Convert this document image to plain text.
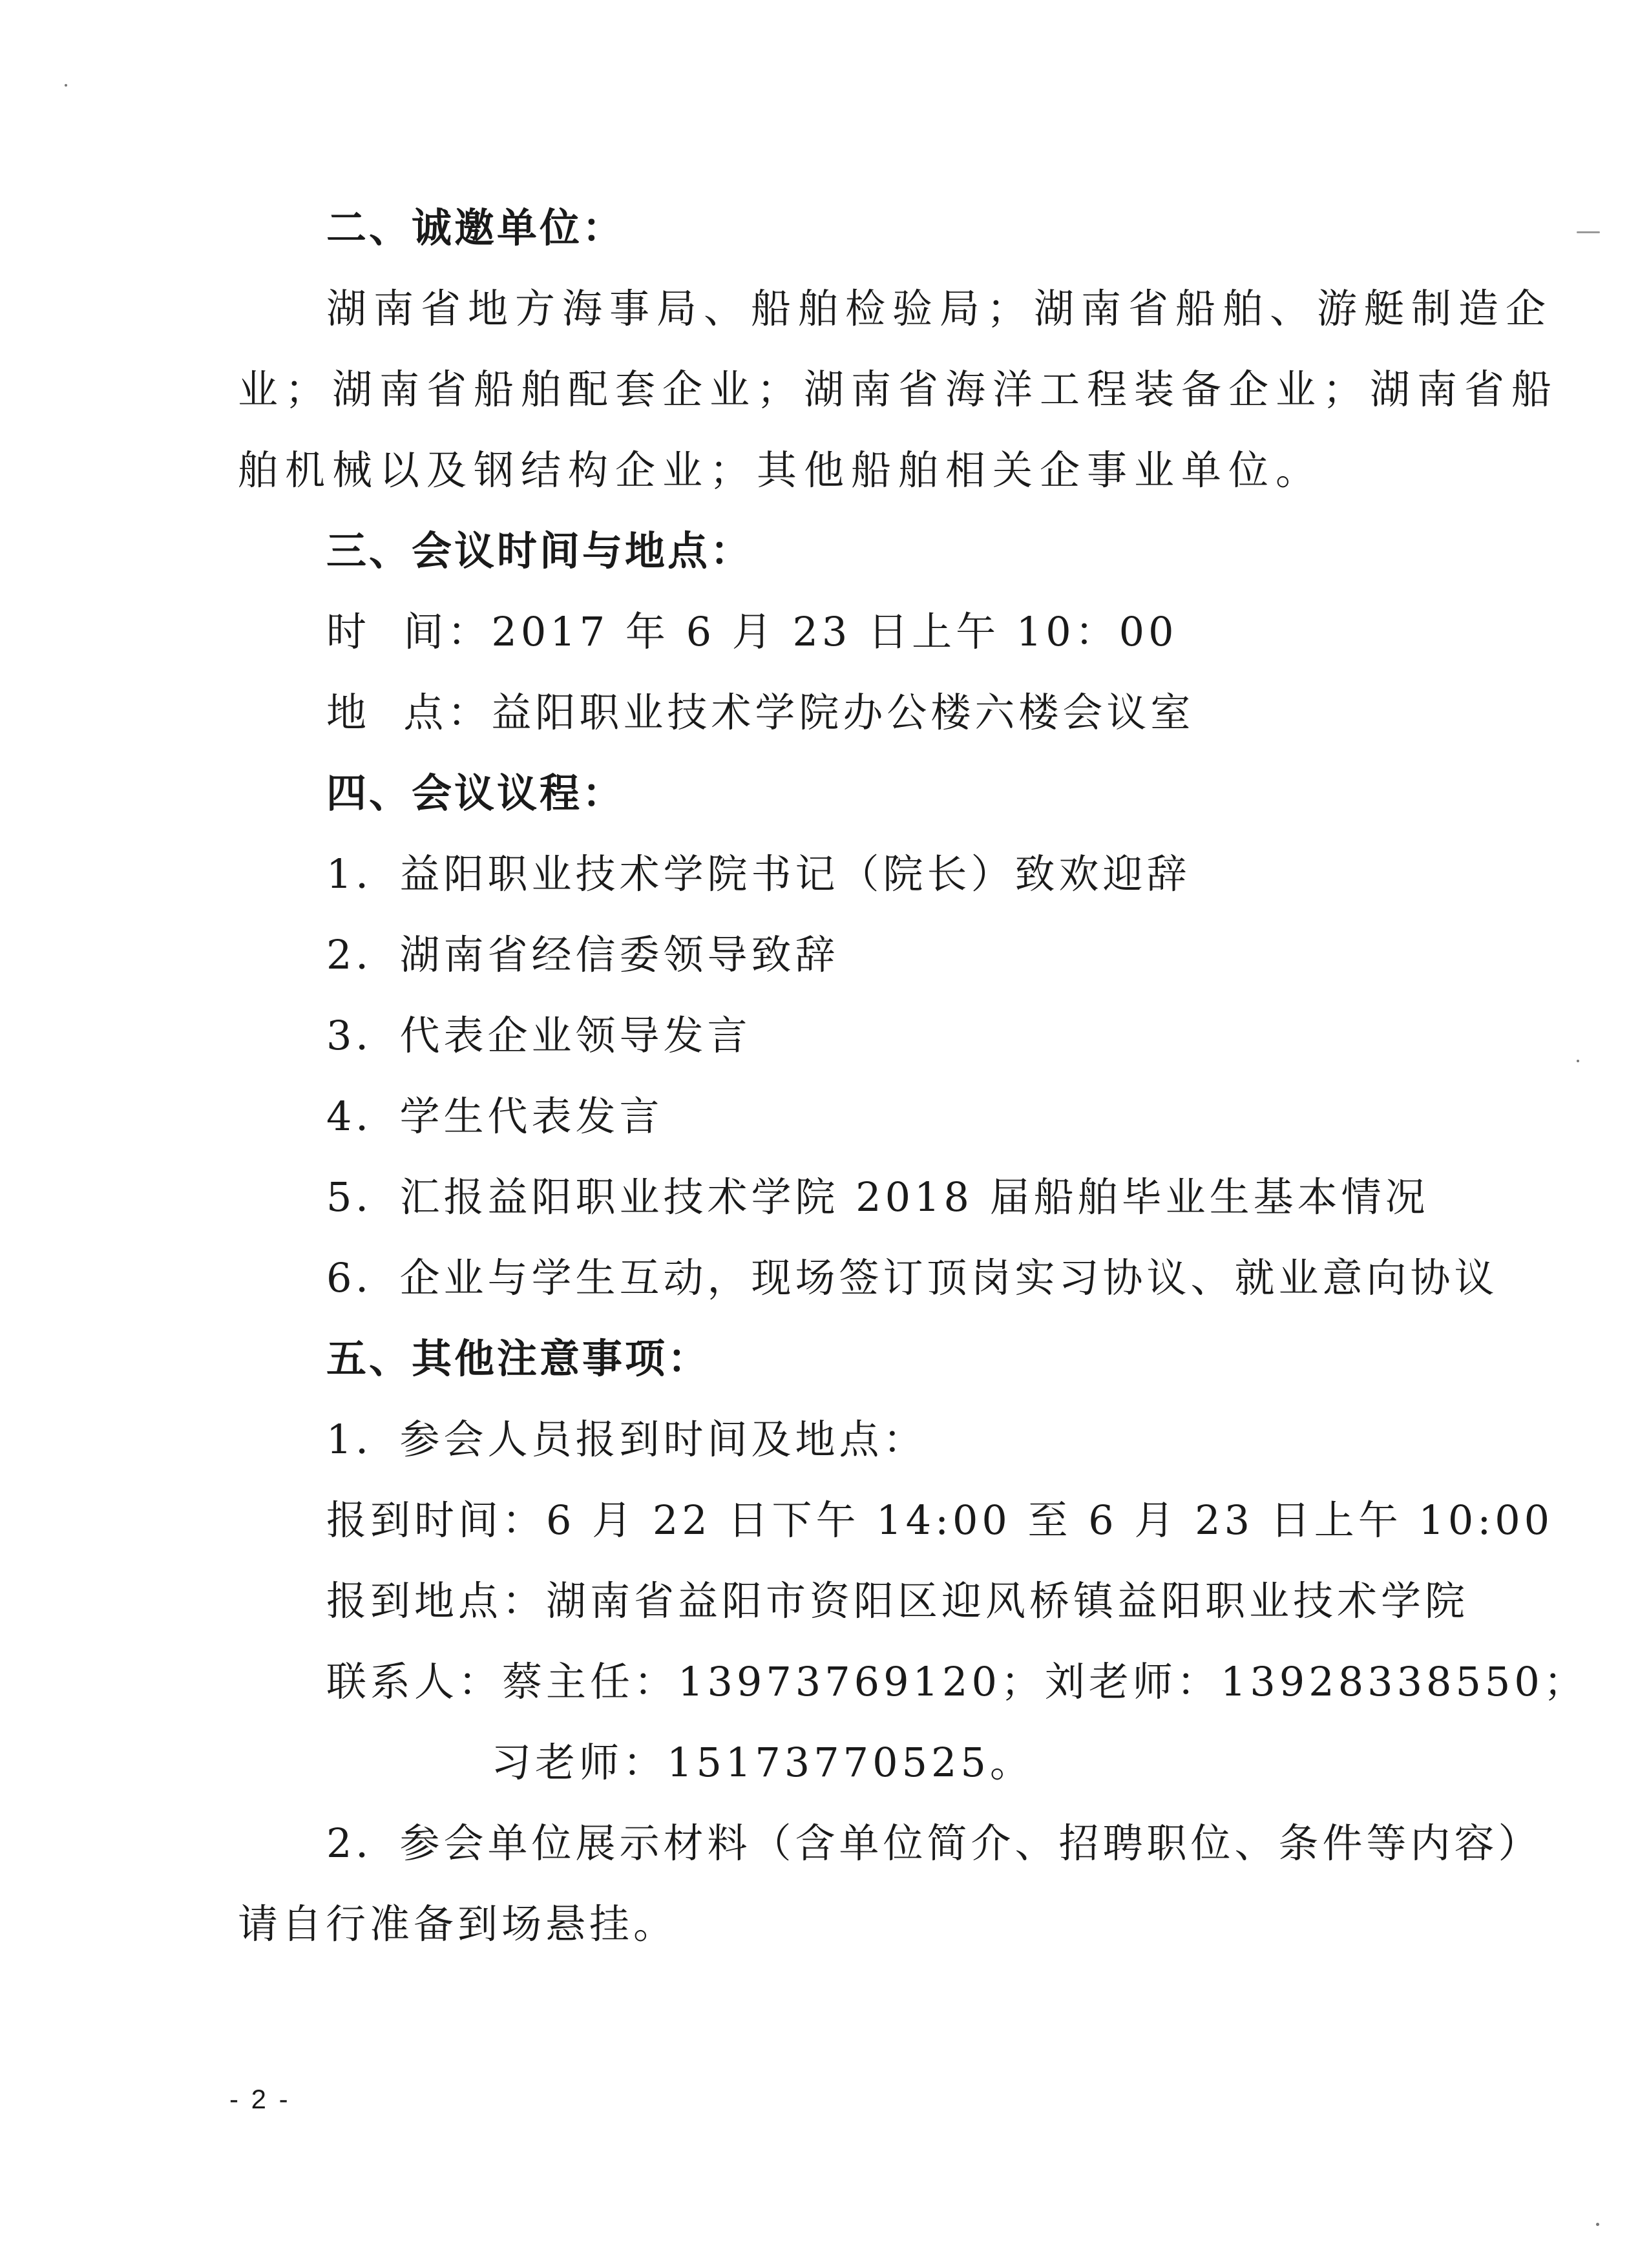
二、诚邀单位：
湖南省地方海事局、船舶检验局；湖南省船舶、游艇制造企
业；湖南省船舶配套企业；湖南省海洋工程装备企业；湖南省船
舶机械以及钢结构企业；其他船舶相关企事业单位。
三、会议时间与地点：
时  间：2017 年 6 月 23 日上午 10：00
地  点：益阳职业技术学院办公楼六楼会议室
四、会议议程：
1．益阳职业技术学院书记（院长）致欢迎辞
2．湖南省经信委领导致辞
3．代表企业领导发言
4．学生代表发言
5．汇报益阳职业技术学院 2018 届船舶毕业生基本情况
6．企业与学生互动，现场签订顶岗实习协议、就业意向协议
五、其他注意事项：
1．参会人员报到时间及地点：
报到时间：6 月 22 日下午 14:00 至 6 月 23 日上午 10:00
报到地点：湖南省益阳市资阳区迎风桥镇益阳职业技术学院
联系人：蔡主任：13973769120；刘老师：13928338550；
习老师：15173770525。
2．参会单位展示材料（含单位简介、招聘职位、条件等内容）
请自行准备到场悬挂。
- 2 -
